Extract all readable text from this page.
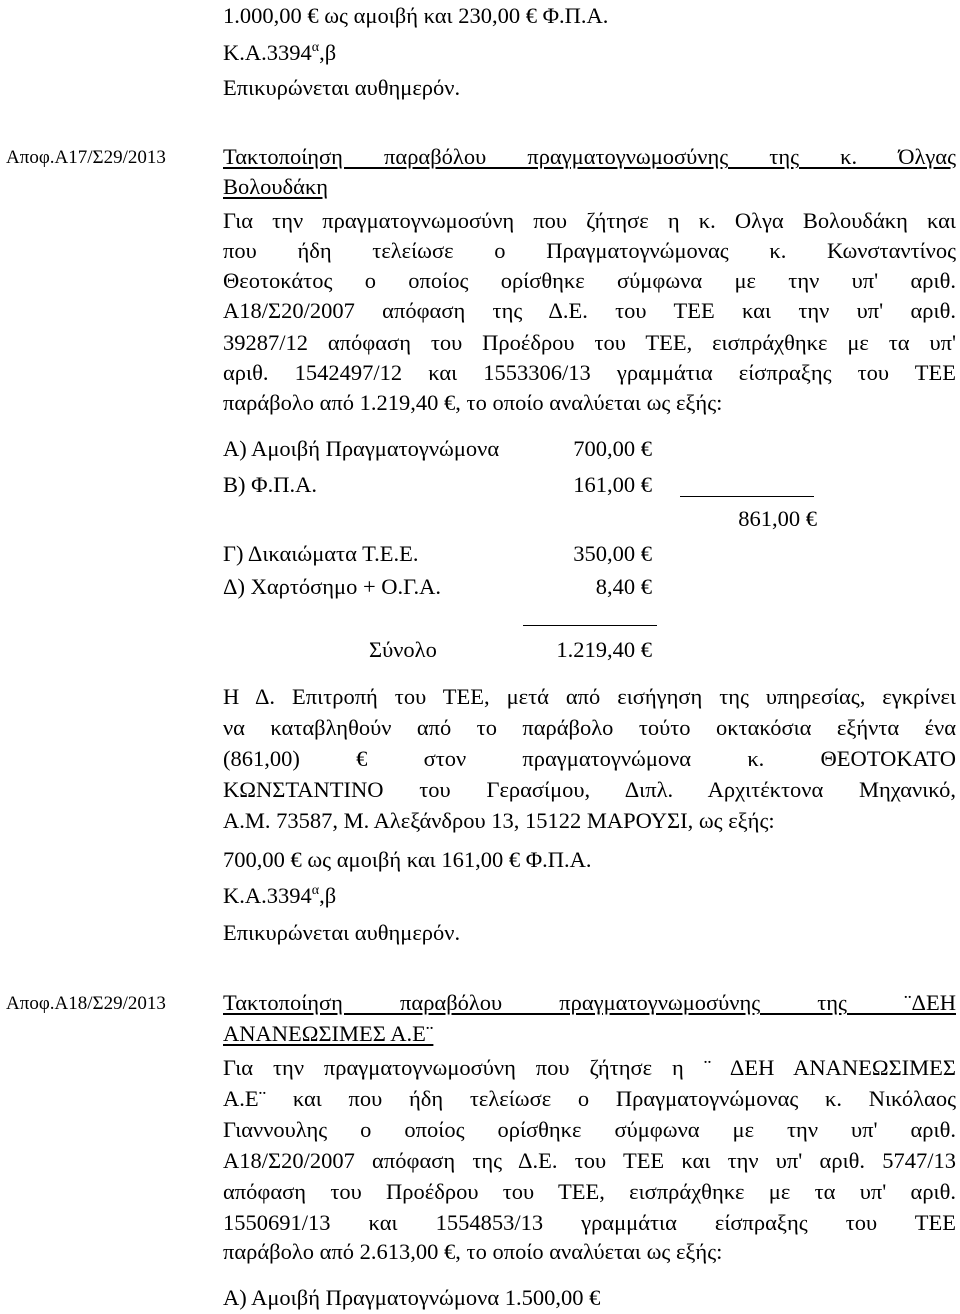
1.000,00 € ως αμοιβή και 230,00 € Φ.Π.Α.
$K.A.3394^\alpha,\beta$
Επικυρώνεται αυθημερόν.
Αποφ.Α17/Σ29/2013	Τακτοποίηση παραβόλου πραγματογνωμοσύνης της κ. Όλγας
Βολουδάκη
Για την πραγματογνωμοσύνη που ζήτησε η κ. Ολγα Βολουδάκη και
που ήδη τελείωσε ο Πραγματογνώμονας κ. Κωνσταντίνος
Θεοτοκάτος ο οποίος ορίσθηκε σύμφωνα με την υπ' αριθ.
Α18/Σ20/2007 απόφαση της Δ.Ε. του ΤΕΕ και την υπ' αριθ.
39287/12 απόφαση του Προέδρου του ΤΕΕ, εισπράχθηκε με τα υπ'
αριθ. 1542497/12 και 1553306/13 γραμμάτια είσπραξης του ΤΕΕ
παράβολο από 1.219,40 €, το οποίο αναλύεται ως εξής:
Α) Αμοιβή Πραγματογνώμονα	700,00 €
Β) Φ.Π.Α.	161,00 €
861,00 €
Γ) Δικαιώματα Τ.Ε.Ε.	350,00 €
Δ) Χαρτόσημο + Ο.Γ.Α.	8,40 €
Σύνολο	1.219,40 €
Η Δ. Επιτροπή του ΤΕΕ, μετά από εισήγηση της υπηρεσίας, εγκρίνει
να καταβληθούν από το παράβολο τούτο οκτακόσια εξήντα ένα
(861,00) € στον πραγματογνώμονα κ. ΘΕΟΤΟΚΑΤΟ
ΚΩΝΣΤΑΝΤΙΝΟ του Γερασίμου, Διπλ. Αρχιτέκτονα Μηχανικό,
Α.Μ. 73587, Μ. Αλεξάνδρου 13, 15122 ΜΑΡΟΥΣΙ, ως εξής:
700,00 € ως αμοιβή και 161,00 € Φ.Π.Α.
$K.A.3394^\alpha,\beta$
Επικυρώνεται αυθημερόν.
Αποφ.Α18/Σ29/2013	Τακτοποίηση παραβόλου πραγματογνωμοσύνης της ¨ΔΕΗ
ΑΝΑΝΕΩΣΙΜΕΣ Α.Ε¨
Για την πραγματογνωμοσύνη που ζήτησε η ¨ ΔΕΗ ΑΝΑΝΕΩΣΙΜΕΣ
Α.Ε¨ και που ήδη τελείωσε ο Πραγματογνώμονας κ. Νικόλαος
Γιαννουλης ο οποίος ορίσθηκε σύμφωνα με την υπ' αριθ.
Α18/Σ20/2007 απόφαση της Δ.Ε. του ΤΕΕ και την υπ' αριθ. 5747/13
απόφαση του Προέδρου του ΤΕΕ, εισπράχθηκε με τα υπ' αριθ.
1550691/13 και 1554853/13 γραμμάτια είσπραξης του ΤΕΕ
παράβολο από 2.613,00 €, το οποίο αναλύεται ως εξής:
Α) Αμοιβή Πραγματογνώμονα 1.500,00 €
